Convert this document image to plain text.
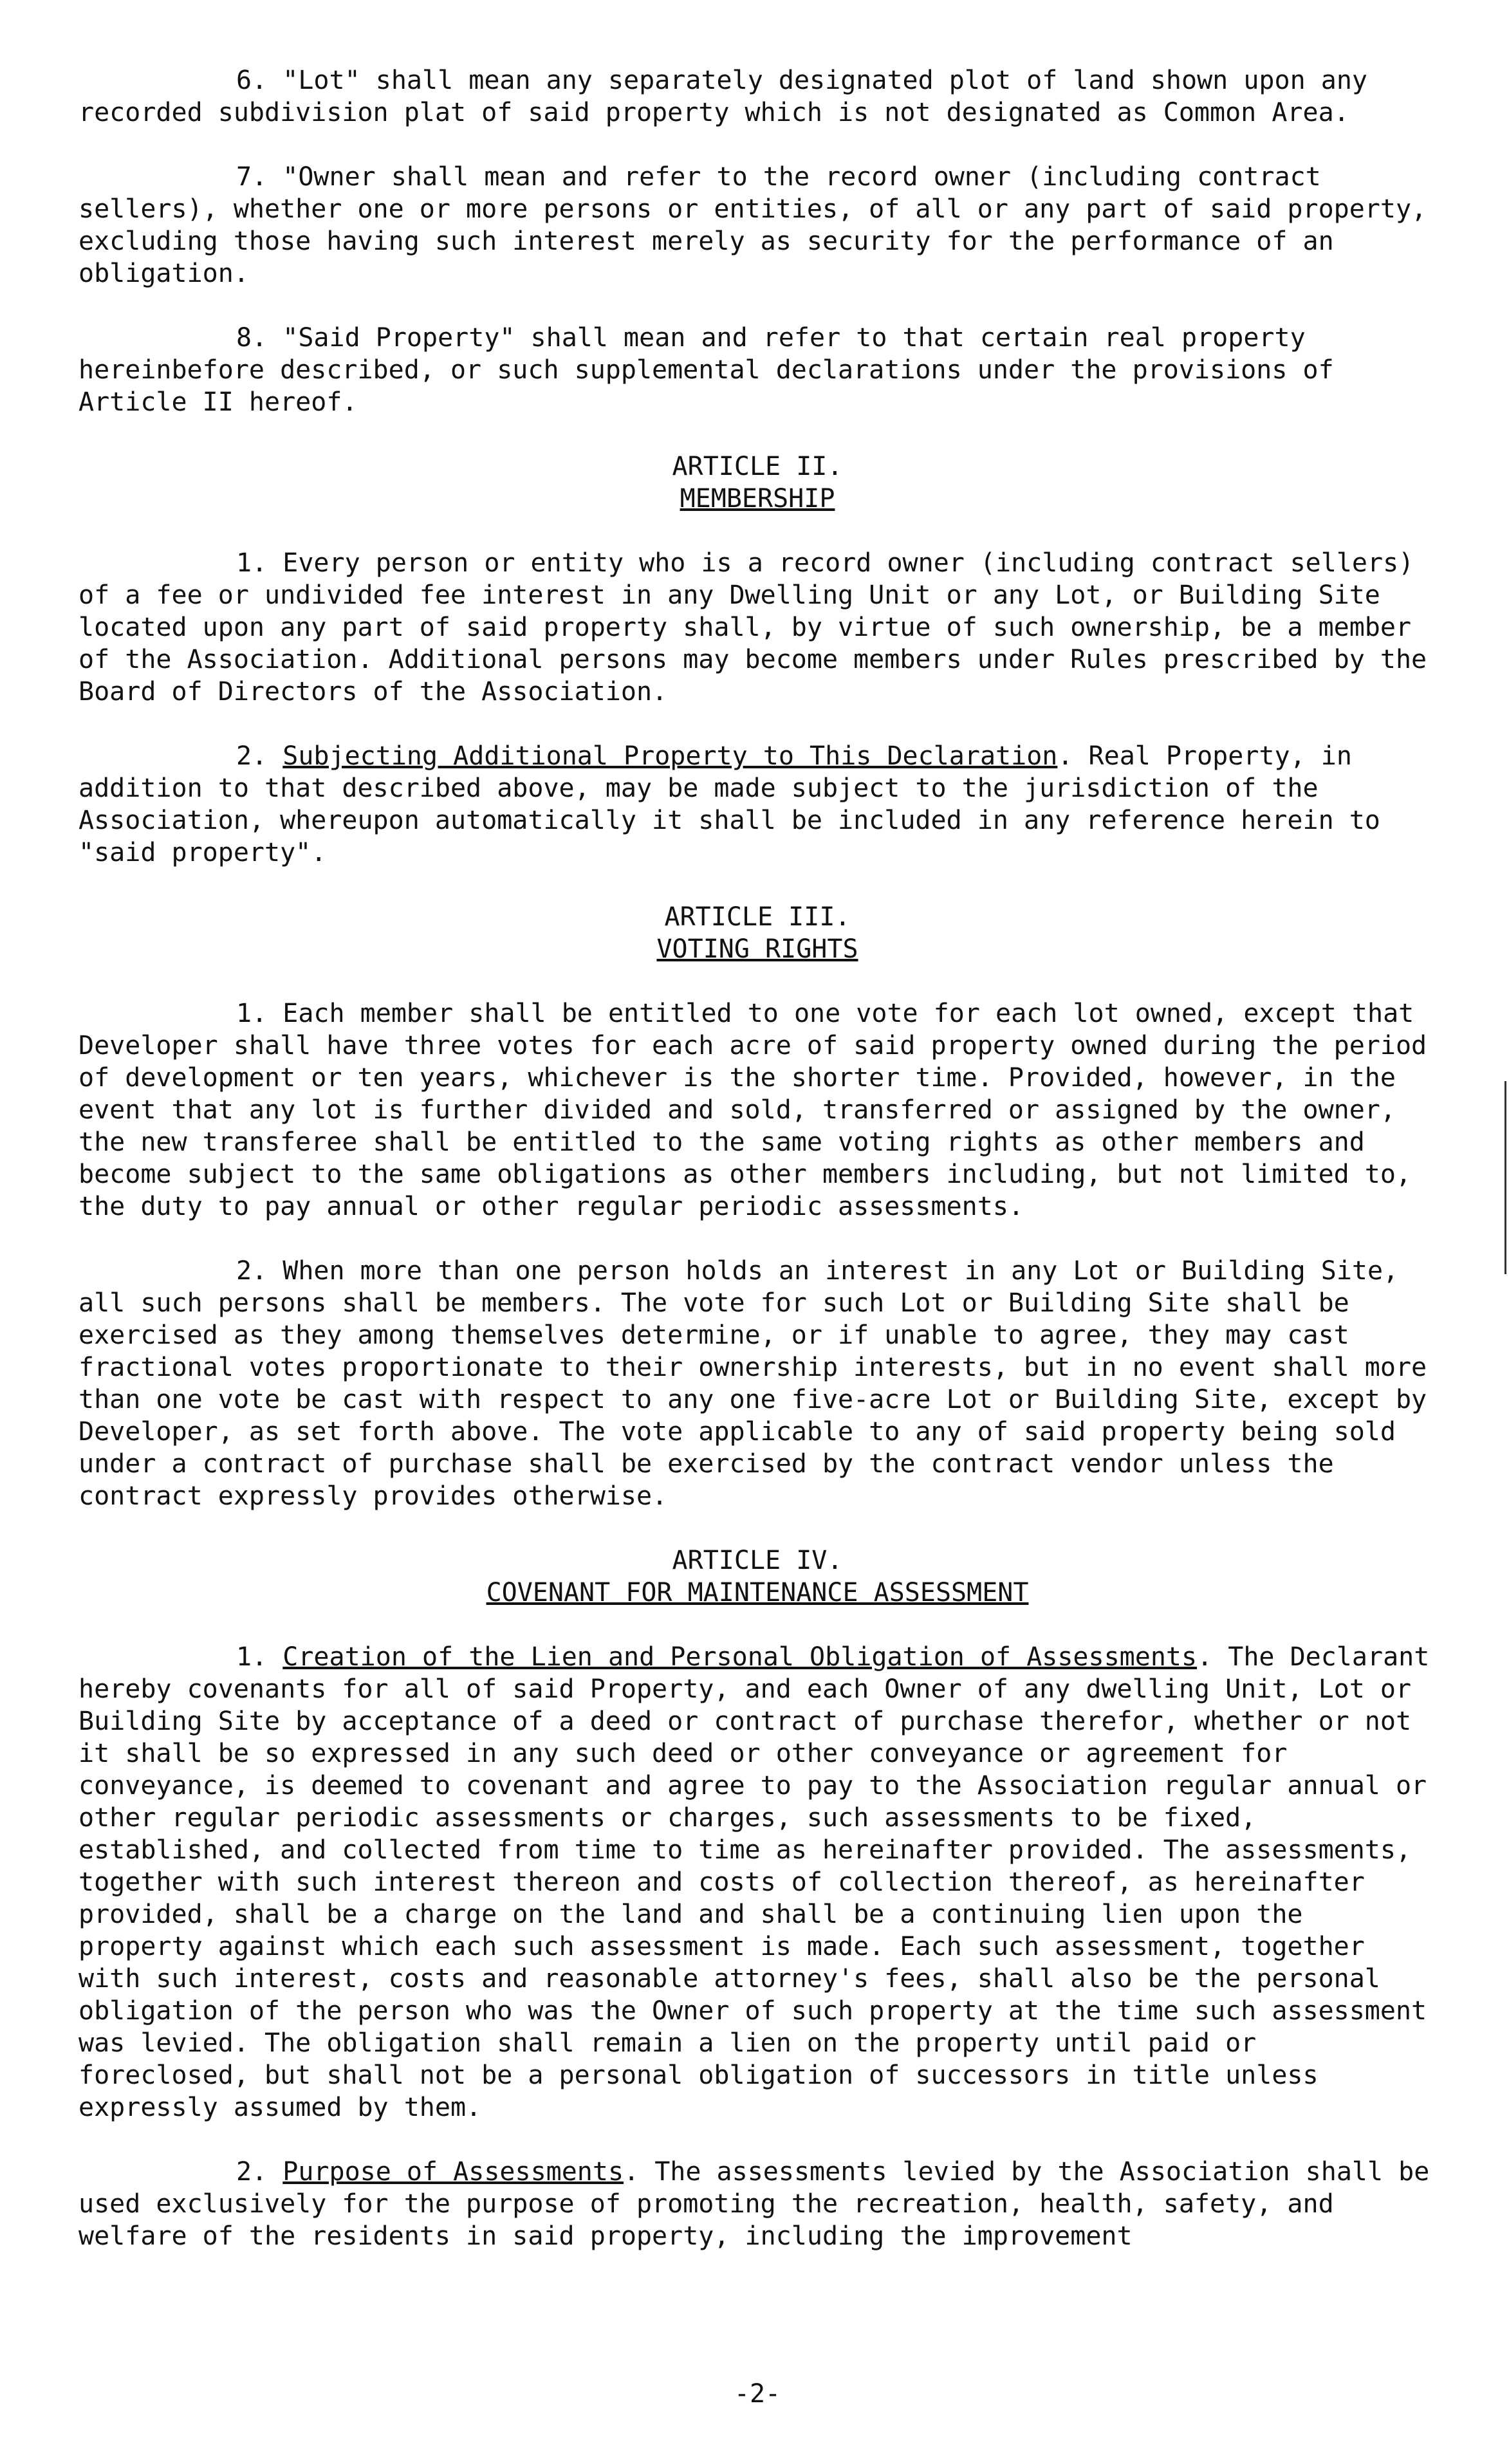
6. "Lot" shall mean any separately designated plot of land shown upon any recorded subdivision plat of said property which is not designated as Common Area.

7. "Owner shall mean and refer to the record owner (including contract sellers), whether one or more persons or entities, of all or any part of said property, excluding those having such interest merely as security for the performance of an obligation.

8. "Said Property" shall mean and refer to that certain real property hereinbefore described, or such supplemental declarations under the provisions of Article II hereof.

ARTICLE II.
MEMBERSHIP

1. Every person or entity who is a record owner (including contract sellers) of a fee or undivided fee interest in any Dwelling Unit or any Lot, or Building Site located upon any part of said property shall, by virtue of such ownership, be a member of the Association. Additional persons may become members under Rules prescribed by the Board of Directors of the Association.

2. Subjecting Additional Property to This Declaration. Real Property, in addition to that described above, may be made subject to the jurisdiction of the Association, whereupon automatically it shall be included in any reference herein to "said property".

ARTICLE III.
VOTING RIGHTS

1. Each member shall be entitled to one vote for each lot owned, except that Developer shall have three votes for each acre of said property owned during the period of development or ten years, whichever is the shorter time. Provided, however, in the event that any lot is further divided and sold, transferred or assigned by the owner, the new transferee shall be entitled to the same voting rights as other members and become subject to the same obligations as other members including, but not limited to, the duty to pay annual or other regular periodic assessments.

2. When more than one person holds an interest in any Lot or Building Site, all such persons shall be members. The vote for such Lot or Building Site shall be exercised as they among themselves determine, or if unable to agree, they may cast fractional votes proportionate to their ownership interests, but in no event shall more than one vote be cast with respect to any one five-acre Lot or Building Site, except by Developer, as set forth above. The vote applicable to any of said property being sold under a contract of purchase shall be exercised by the contract vendor unless the contract expressly provides otherwise.

ARTICLE IV.
COVENANT FOR MAINTENANCE ASSESSMENT

1. Creation of the Lien and Personal Obligation of Assessments. The Declarant hereby covenants for all of said Property, and each Owner of any dwelling Unit, Lot or Building Site by acceptance of a deed or contract of purchase therefor, whether or not it shall be so expressed in any such deed or other conveyance or agreement for conveyance, is deemed to covenant and agree to pay to the Association regular annual or other regular periodic assessments or charges, such assessments to be fixed, established, and collected from time to time as hereinafter provided. The assessments, together with such interest thereon and costs of collection thereof, as hereinafter provided, shall be a charge on the land and shall be a continuing lien upon the property against which each such assessment is made. Each such assessment, together with such interest, costs and reasonable attorney's fees, shall also be the personal obligation of the person who was the Owner of such property at the time such assessment was levied. The obligation shall remain a lien on the property until paid or foreclosed, but shall not be a personal obligation of successors in title unless expressly assumed by them.

2. Purpose of Assessments. The assessments levied by the Association shall be used exclusively for the purpose of promoting the recreation, health, safety, and welfare of the residents in said property, including the improvement

-2-
